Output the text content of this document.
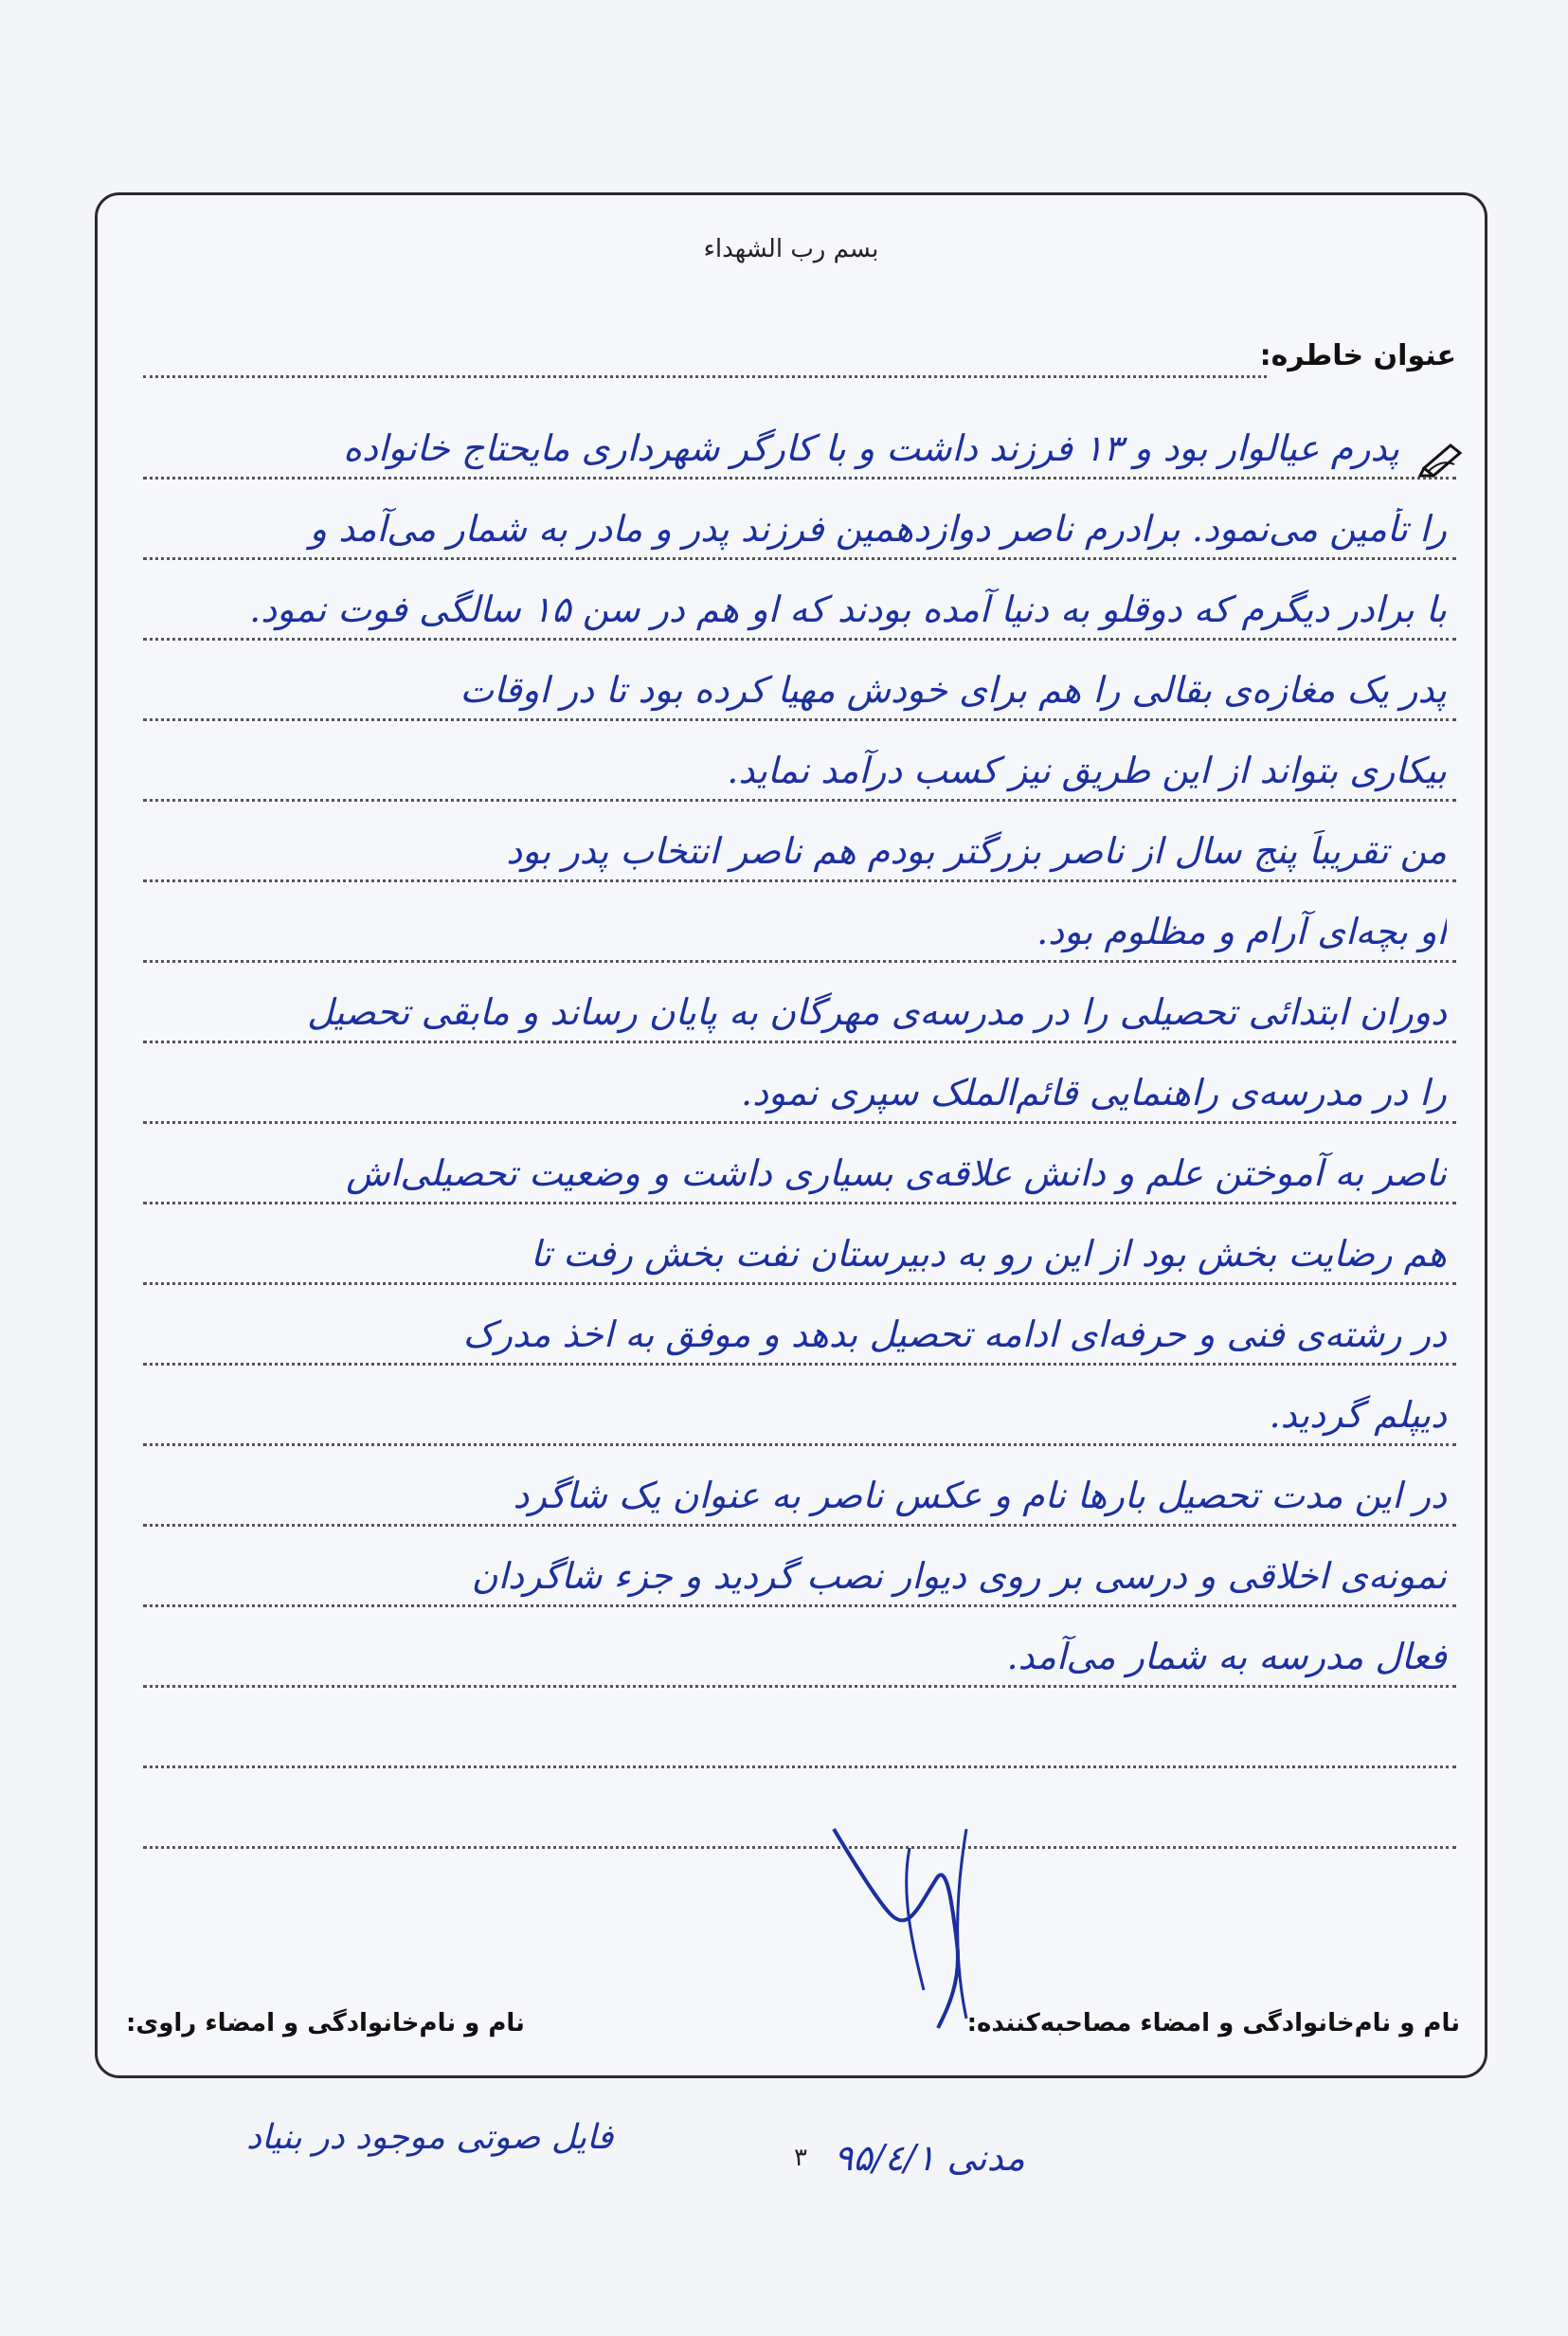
بسم رب الشهداء
عنوان خاطره:
پدرم عیالوار بود و ۱۳ فرزند داشت و با کارگر شهرداری مایحتاج خانواده
را تأمین می‌نمود. برادرم ناصر دوازدهمین فرزند پدر و مادر به شمار می‌آمد و
با برادر دیگرم که دوقلو به دنیا آمده بودند که او هم در سن ۱۵ سالگی فوت نمود.
پدر یک مغازه‌ی بقالی را هم برای خودش مهیا کرده بود تا در اوقات
بیکاری بتواند از این طریق نیز کسب درآمد نماید.
من تقریباً پنج سال از ناصر بزرگتر بودم هم ناصر انتخاب پدر بود
او بچه‌ای آرام و مظلوم بود.
دوران ابتدائی تحصیلی را در مدرسه‌ی مهرگان به پایان رساند و مابقی تحصیل
را در مدرسه‌ی راهنمایی قائم‌الملک سپری نمود.
ناصر به آموختن علم و دانش علاقه‌ی بسیاری داشت و وضعیت تحصیلی‌اش
هم رضایت بخش بود از این رو به دبیرستان نفت بخش رفت تا
در رشته‌ی فنی و حرفه‌ای ادامه تحصیل بدهد و موفق به اخذ مدرک
دیپلم گردید.
در این مدت تحصیل بارها نام و عکس ناصر به عنوان یک شاگرد
نمونه‌ی اخلاقی و درسی بر روی دیوار نصب گردید و جزء شاگردان
فعال مدرسه به شمار می‌آمد.
نام و نام‌خانوادگی و امضاء مصاحبه‌کننده:
نام و نام‌خانوادگی و امضاء راوی:
فایل صوتی موجود در بنیاد
۳ مدنی ۹۵/٤/۱
